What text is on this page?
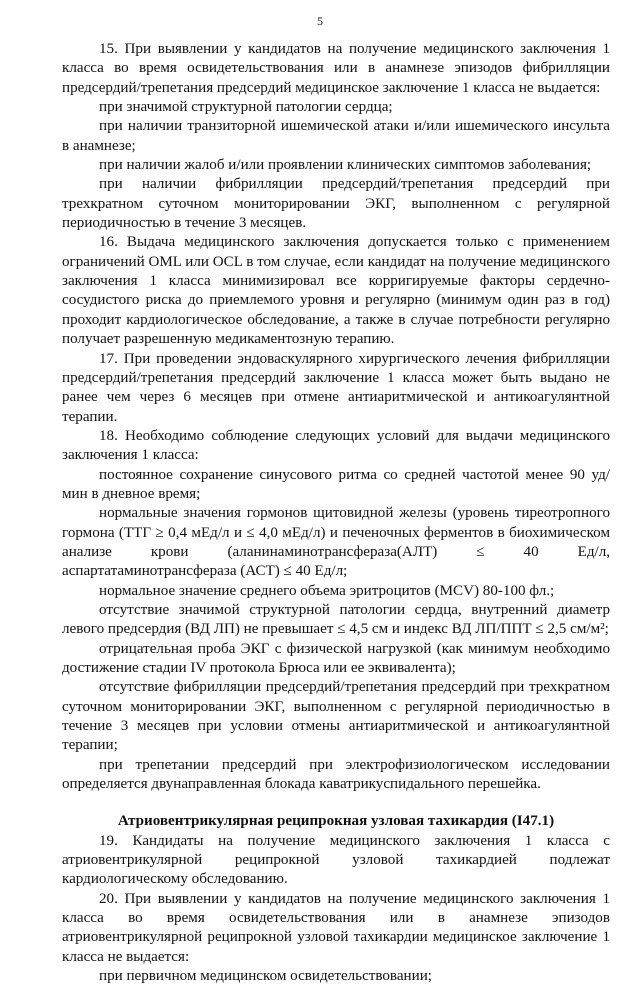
5

15. При выявлении у кандидатов на получение медицинского заключения 1 класса во время освидетельствования или в анамнезе эпизодов фибрилляции предсердий/трепетания предсердий медицинское заключение 1 класса не выдается:

при значимой структурной патологии сердца;

при наличии транзиторной ишемической атаки и/или ишемического инсульта в анамнезе;

при наличии жалоб и/или проявлении клинических симптомов заболевания;

при наличии фибрилляции предсердий/трепетания предсердий при трехкратном суточном мониторировании ЭКГ, выполненном с регулярной периодичностью в течение 3 месяцев.

16. Выдача медицинского заключения допускается только с применением ограничений OML или OCL в том случае, если кандидат на получение медицинского заключения 1 класса минимизировал все корригируемые факторы сердечно-сосудистого риска до приемлемого уровня и регулярно (минимум один раз в год) проходит кардиологическое обследование, а также в случае потребности регулярно получает разрешенную медикаментозную терапию.

17. При проведении эндоваскулярного хирургического лечения фибрилляции предсердий/трепетания предсердий заключение 1 класса может быть выдано не ранее чем через 6 месяцев при отмене антиаритмической и антикоагулянтной терапии.

18. Необходимо соблюдение следующих условий для выдачи медицинского заключения 1 класса:

постоянное сохранение синусового ритма со средней частотой менее 90 уд/мин в дневное время;

нормальные значения гормонов щитовидной железы (уровень тиреотропного гормона (ТТГ ≥ 0,4 мЕд/л и ≤ 4,0 мЕд/л) и печеночных ферментов в биохимическом анализе крови (аланинаминотрансфераза(АЛТ) ≤ 40 Ед/л, аспартатаминотрансфераза (АСТ) ≤ 40 Ед/л;

нормальное значение среднего объема эритроцитов (MCV) 80-100 фл.;

отсутствие значимой структурной патологии сердца, внутренний диаметр левого предсердия (ВД ЛП) не превышает ≤ 4,5 см и индекс ВД ЛП/ППТ ≤ 2,5 см/м²;

отрицательная проба ЭКГ с физической нагрузкой (как минимум необходимо достижение стадии IV протокола Брюса или ее эквивалента);

отсутствие фибрилляции предсердий/трепетания предсердий при трехкратном суточном мониторировании ЭКГ, выполненном с регулярной периодичностью в течение 3 месяцев при условии отмены антиаритмической и антикоагулянтной терапии;

при трепетании предсердий при электрофизиологическом исследовании определяется двунаправленная блокада каватрикуспидального перешейка.

Атриовентрикулярная реципрокная узловая тахикардия (I47.1)

19. Кандидаты на получение медицинского заключения 1 класса с атриовентрикулярной реципрокной узловой тахикардией подлежат кардиологическому обследованию.

20. При выявлении у кандидатов на получение медицинского заключения 1 класса во время освидетельствования или в анамнезе эпизодов атриовентрикулярной реципрокной узловой тахикардии медицинское заключение 1 класса не выдается:

при первичном медицинском освидетельствовании;
